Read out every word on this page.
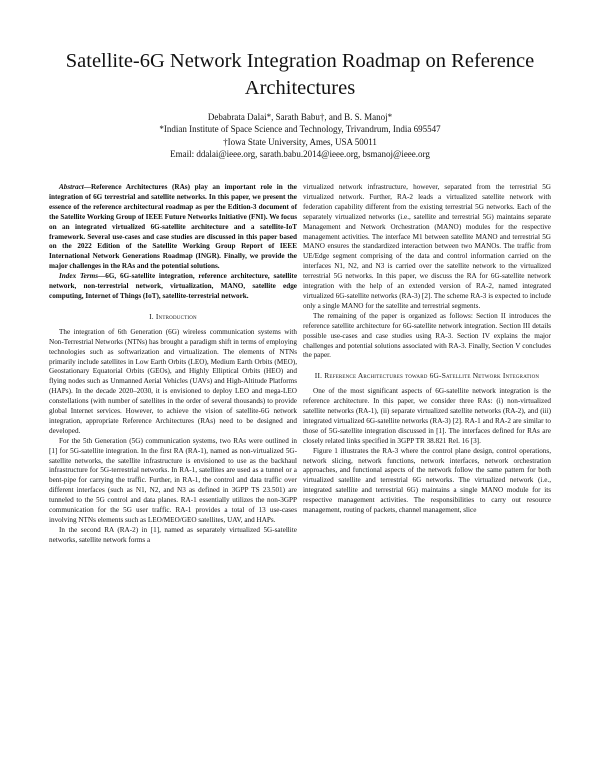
Satellite-6G Network Integration Roadmap on Reference Architectures
Debabrata Dalai*, Sarath Babu†, and B. S. Manoj*
*Indian Institute of Space Science and Technology, Trivandrum, India 695547
†Iowa State University, Ames, USA 50011
Email: ddalai@ieee.org, sarath.babu.2014@ieee.org, bsmanoj@ieee.org

Abstract—Reference Architectures (RAs) play an important role in the integration of 6G terrestrial and satellite networks. In this paper, we present the essence of the reference architectural roadmap as per the Edition-3 document of the Satellite Working Group of IEEE Future Networks Initiative (FNI). We focus on an integrated virtualized 6G-satellite architecture and a satellite-IoT framework. Several use-cases and case studies are discussed in this paper based on the 2022 Edition of the Satellite Working Group Report of IEEE International Network Generations Roadmap (INGR). Finally, we provide the major challenges in the RAs and the potential solutions.

Index Terms—6G, 6G-satellite integration, reference architecture, satellite network, non-terrestrial network, virtualization, MANO, satellite edge computing, Internet of Things (IoT), satellite-terrestrial network.

I. Introduction

The integration of 6th Generation (6G) wireless communication systems with Non-Terrestrial Networks (NTNs) has brought a paradigm shift in terms of employing technologies such as softwarization and virtualization. The elements of NTNs primarily include satellites in Low Earth Orbits (LEO), Medium Earth Orbits (MEO), Geostationary Equatorial Orbits (GEOs), and Highly Elliptical Orbits (HEO) and flying nodes such as Unmanned Aerial Vehicles (UAVs) and High-Altitude Platforms (HAPs). In the decade 2020–2030, it is envisioned to deploy LEO and mega-LEO constellations (with number of satellites in the order of several thousands) to provide global Internet services. However, to achieve the vision of satellite-6G network integration, appropriate Reference Architectures (RAs) need to be designed and developed.

For the 5th Generation (5G) communication systems, two RAs were outlined in [1] for 5G-satellite integration. In the first RA (RA-1), named as non-virtualized 5G-satellite networks, the satellite infrastructure is envisioned to use as the backhaul infrastructure for 5G-terrestrial networks. In RA-1, satellites are used as a tunnel or a bent-pipe for carrying the traffic. Further, in RA-1, the control and data traffic over different interfaces (such as N1, N2, and N3 as defined in 3GPP TS 23.501) are tunneled to the 5G control and data planes. RA-1 essentially utilizes the non-3GPP communication for the 5G user traffic. RA-1 provides a total of 13 use-cases involving NTNs elements such as LEO/MEO/GEO satellites, UAV, and HAPs.

In the second RA (RA-2) in [1], named as separately virtualized 5G-satellite networks, satellite network forms a

virtualized network infrastructure, however, separated from the terrestrial 5G virtualized network. Further, RA-2 leads a virtualized satellite network with federation capability different from the existing terrestrial 5G networks. Each of the separately virtualized networks (i.e., satellite and terrestrial 5G) maintains separate Management and Network Orchestration (MANO) modules for the respective management activities. The interface M1 between satellite MANO and terrestrial 5G MANO ensures the standardized interaction between two MANOs. The traffic from UE/Edge segment comprising of the data and control information carried on the interfaces N1, N2, and N3 is carried over the satellite network to the virtualized terrestrial 5G networks. In this paper, we discuss the RA for 6G-satellite network integration with the help of an extended version of RA-2, named integrated virtualized 6G-satellite networks (RA-3) [2]. The scheme RA-3 is expected to include only a single MANO for the satellite and terrestrial segments.

The remaining of the paper is organized as follows: Section II introduces the reference satellite architecture for 6G-satellite network integration. Section III details possible use-cases and case studies using RA-3. Section IV explains the major challenges and potential solutions associated with RA-3. Finally, Section V concludes the paper.

II. Reference Architectures toward 6G-Satellite Network Integration

One of the most significant aspects of 6G-satellite network integration is the reference architecture. In this paper, we consider three RAs: (i) non-virtualized satellite networks (RA-1), (ii) separate virtualized satellite networks (RA-2), and (iii) integrated virtualized 6G-satellite networks (RA-3) [2]. RA-1 and RA-2 are similar to those of 5G-satellite integration discussed in [1]. The interfaces defined for RAs are closely related links specified in 3GPP TR 38.821 Rel. 16 [3].

Figure 1 illustrates the RA-3 where the control plane design, control operations, network slicing, network functions, network interfaces, network orchestration approaches, and functional aspects of the network follow the same pattern for both virtualized satellite and terrestrial 6G networks. The virtualized network (i.e., integrated satellite and terrestrial 6G) maintains a single MANO module for its respective management activities. The responsibilities to carry out resource management, routing of packets, channel management, slice
